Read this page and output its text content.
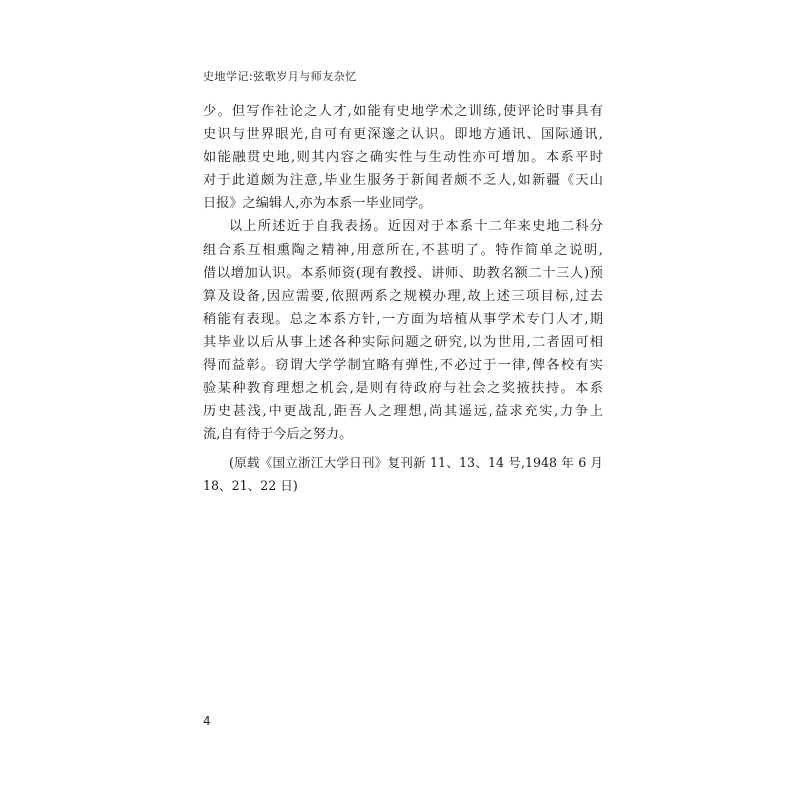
史地学记:弦歌岁月与师友杂忆
少。但写作社论之人才,如能有史地学术之训练,使评论时事具有
史识与世界眼光,自可有更深邃之认识。即地方通讯、国际通讯,
如能融贯史地,则其内容之确实性与生动性亦可增加。本系平时
对于此道颇为注意,毕业生服务于新闻者颇不乏人,如新疆《天山
日报》之编辑人,亦为本系一毕业同学。
以上所述近于自我表扬。近因对于本系十二年来史地二科分
组合系互相熏陶之精神,用意所在,不甚明了。特作简单之说明,
借以增加认识。本系师资(现有教授、讲师、助教名额二十三人)预
算及设备,因应需要,依照两系之规模办理,故上述三项目标,过去
稍能有表现。总之本系方针,一方面为培植从事学术专门人才,期
其毕业以后从事上述各种实际问题之研究,以为世用,二者固可相
得而益彰。窃谓大学学制宜略有弹性,不必过于一律,俾各校有实
验某种教育理想之机会,是则有待政府与社会之奖掖扶持。本系
历史甚浅,中更战乱,距吾人之理想,尚其遥远,益求充实,力争上
流,自有待于今后之努力。
(原载《国立浙江大学日刊》复刊新 11、13、14 号,1948 年 6 月
18、21、22 日)
4
